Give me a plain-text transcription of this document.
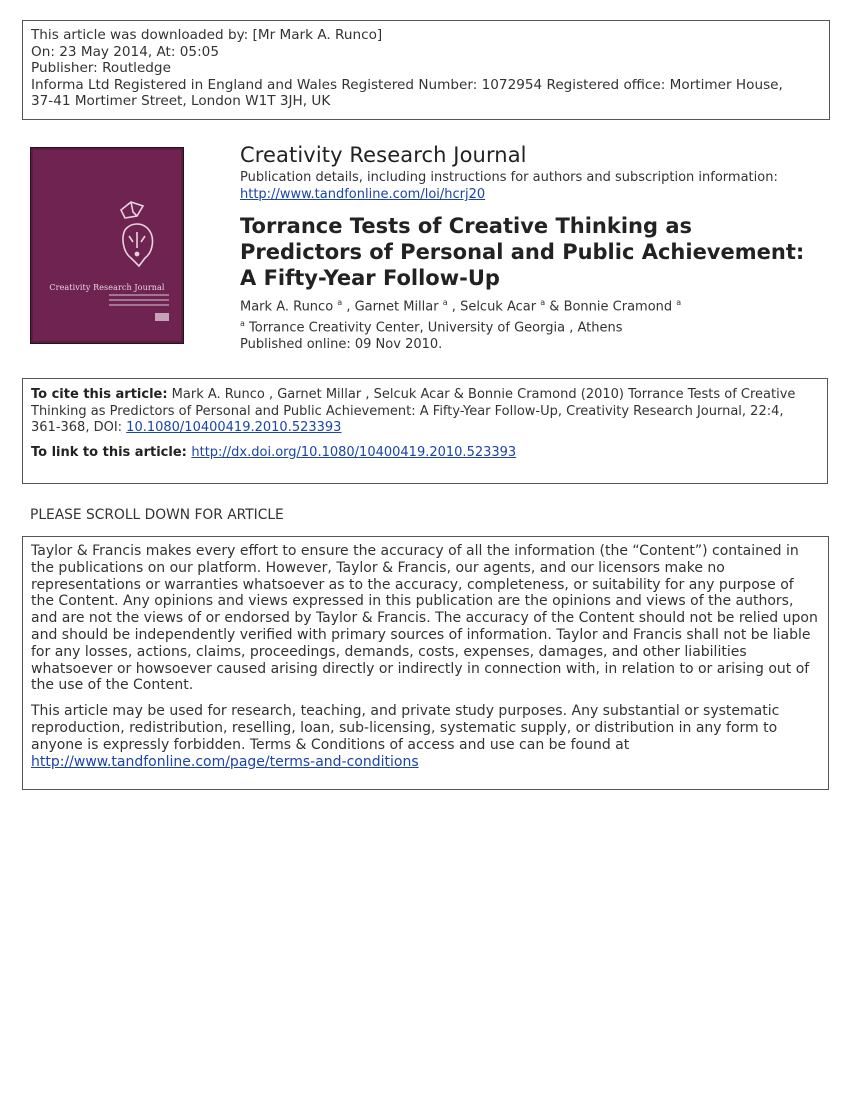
This article was downloaded by: [Mr Mark A. Runco]
On: 23 May 2014, At: 05:05
Publisher: Routledge
Informa Ltd Registered in England and Wales Registered Number: 1072954 Registered office: Mortimer House,
37-41 Mortimer Street, London W1T 3JH, UK
Creativity Research Journal
Creativity Research Journal
Publication details, including instructions for authors and subscription information:
http://www.tandfonline.com/loi/hcrj20
Torrance Tests of Creative Thinking as Predictors of Personal and Public Achievement: A Fifty-Year Follow-Up
Mark A. Runco $^a$ , Garnet Millar $^a$ , Selcuk Acar $^a$ & Bonnie Cramond $^a$
$^a$ Torrance Creativity Center, University of Georgia , Athens
Published online: 09 Nov 2010.

To cite this article: Mark A. Runco , Garnet Millar , Selcuk Acar & Bonnie Cramond (2010) Torrance Tests of Creative Thinking as Predictors of Personal and Public Achievement: A Fifty-Year Follow-Up, Creativity Research Journal, 22:4, 361-368, DOI: 10.1080/10400419.2010.523393

To link to this article: http://dx.doi.org/10.1080/10400419.2010.523393

PLEASE SCROLL DOWN FOR ARTICLE

Taylor & Francis makes every effort to ensure the accuracy of all the information (the “Content”) contained in the publications on our platform. However, Taylor & Francis, our agents, and our licensors make no representations or warranties whatsoever as to the accuracy, completeness, or suitability for any purpose of the Content. Any opinions and views expressed in this publication are the opinions and views of the authors, and are not the views of or endorsed by Taylor & Francis. The accuracy of the Content should not be relied upon and should be independently verified with primary sources of information. Taylor and Francis shall not be liable for any losses, actions, claims, proceedings, demands, costs, expenses, damages, and other liabilities whatsoever or howsoever caused arising directly or indirectly in connection with, in relation to or arising out of the use of the Content.

This article may be used for research, teaching, and private study purposes. Any substantial or systematic reproduction, redistribution, reselling, loan, sub-licensing, systematic supply, or distribution in any form to anyone is expressly forbidden. Terms & Conditions of access and use can be found at http://www.tandfonline.com/page/terms-and-conditions
